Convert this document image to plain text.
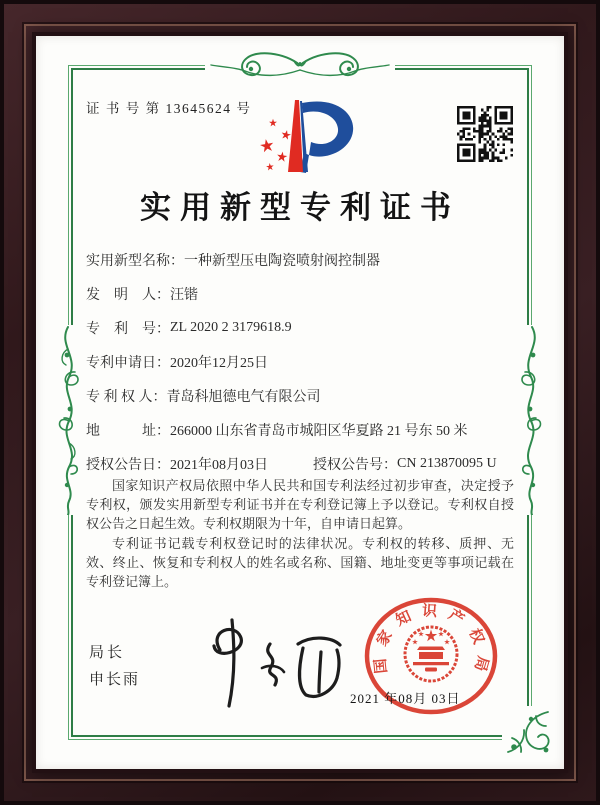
证 书 号 第 13645624 号
实用新型专利证书
实用新型名称： 一种新型压电陶瓷喷射阀控制器
发　明　人： 汪锴
专　利　号： ZL 2020 2 3179618.9
专利申请日： 2020年12月25日
专 利 权 人： 青岛科旭德电气有限公司
地　　　址： 266000 山东省青岛市城阳区华夏路 21 号东 50 米
授权公告日： 2021年08月03日	授权公告号： CN 213870095 U

国家知识产权局依照中华人民共和国专利法经过初步审查，决定授予专利权，颁发实用新型专利证书并在专利登记簿上予以登记。专利权自授权公告之日起生效。专利权期限为十年，自申请日起算。

专利证书记载专利权登记时的法律状况。专利权的转移、质押、无效、终止、恢复和专利权人的姓名或名称、国籍、地址变更等事项记载在专利登记簿上。

局长
申长雨
国家知识产权局
2021 年08月 03日
